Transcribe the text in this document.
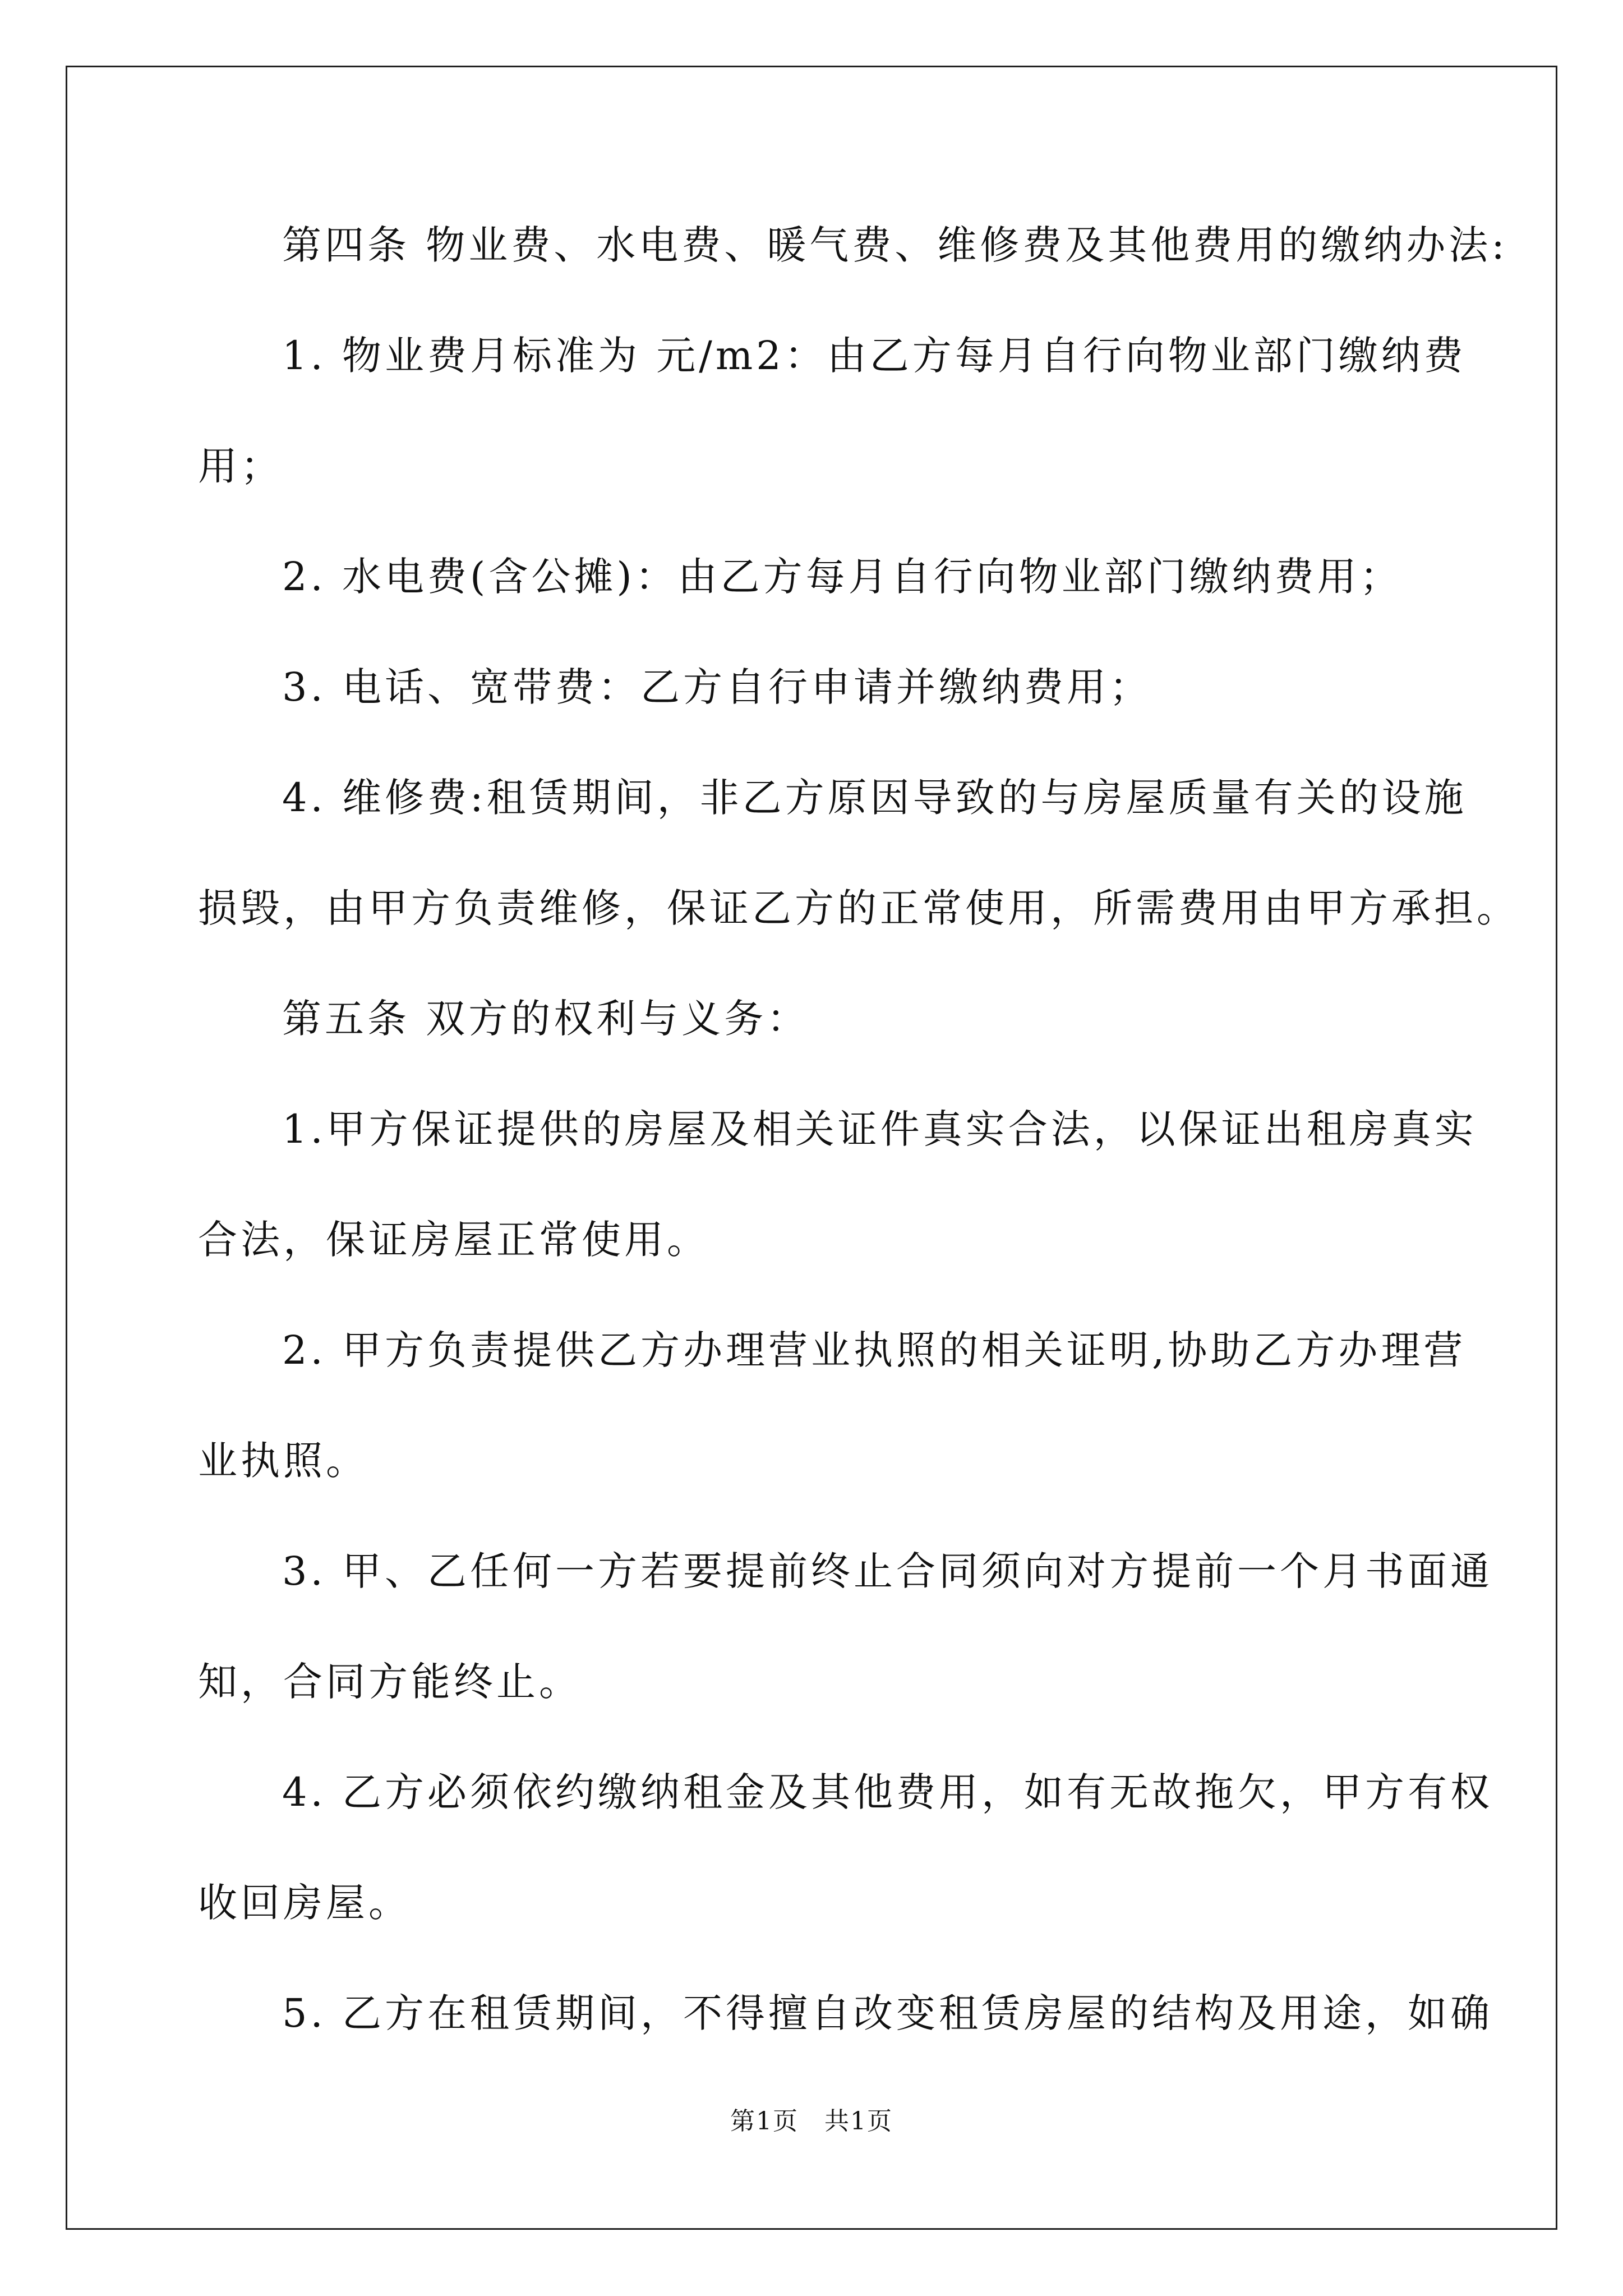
第四条 物业费、水电费、暖气费、维修费及其他费用的缴纳办法:
1. 物业费月标准为 元/m2：由乙方每月自行向物业部门缴纳费
用；
2. 水电费(含公摊)：由乙方每月自行向物业部门缴纳费用；
3. 电话、宽带费：乙方自行申请并缴纳费用；
4. 维修费:租赁期间，非乙方原因导致的与房屋质量有关的设施
损毁，由甲方负责维修，保证乙方的正常使用，所需费用由甲方承担。
第五条 双方的权利与义务：
1.甲方保证提供的房屋及相关证件真实合法，以保证出租房真实
合法，保证房屋正常使用。
2. 甲方负责提供乙方办理营业执照的相关证明,协助乙方办理营
业执照。
3. 甲、乙任何一方若要提前终止合同须向对方提前一个月书面通
知，合同方能终止。
4. 乙方必须依约缴纳租金及其他费用，如有无故拖欠，甲方有权
收回房屋。
5. 乙方在租赁期间，不得擅自改变租赁房屋的结构及用途，如确
第1页　共1页
